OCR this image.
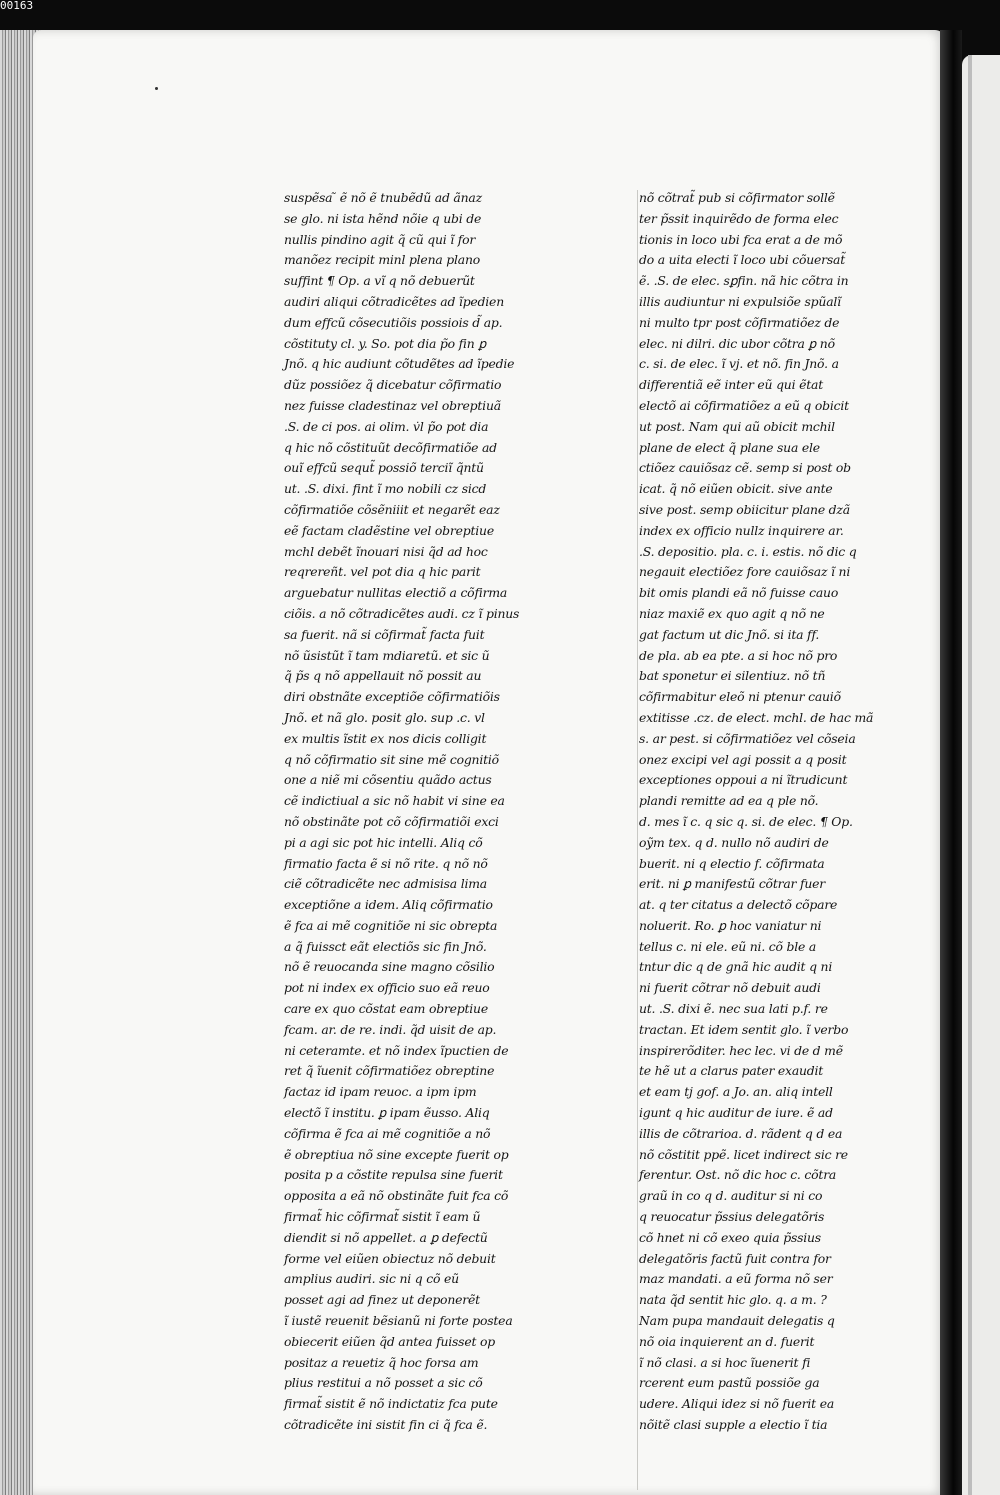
00163
suspẽsa ̃ ẽ nõ ẽ tnubẽdũ ad ãnaz
se glo. ni ista hẽnd nõie q ubi de
nullis pindino agit q̃ cũ qui ĩ for
manõez recipit minl plena plano
suffint ¶ Op. a vĩ q nõ debuerũt
audiri aliqui cõtradicẽtes ad ĩpedien
dum effcũ cõsecutiõis possiois d̃ ap.
cõstituty cl. y. So. pot dia p̃o fin ꝑ
Jnõ. q hic audiunt cõtudẽtes ad ĩpedie
dũz possiõez q̃ dicebatur cõfirmatio
nez fuisse cladestinaz vel obreptiuã
.S. de ci pos. ai olim. v̇l p̃o pot dia
q hic nõ cõstituũt decõfirmatiõe ad
ouĩ effcũ sequt̃ possiõ terciĩ q̃ntũ
ut. .S. dixi. fint ĩ mo nobili cz sicd
cõfirmatiõe cõsẽniiit et negarẽt eaz
eẽ factam cladẽstine vel obreptiue
mchl debẽt ĩnouari nisi q̃d ad hoc
reqrereñt. vel pot dia q hic parit
arguebatur nullitas electiõ a cõfirma
ciõis. a nõ cõtradicẽtes audi. cz ĩ pinus
sa fuerit. nã si cõfirmat̃ facta fuit
nõ ũsistũt ĩ tam mdiaretũ. et sic ũ
q̃ p̃s q nõ appellauit nõ possit au
diri obstnãte exceptiõe cõfirmatiõis
Jnõ. et nã glo. posit glo. sup .c. vl
ex multis ĩstit ex nos dicis colligit
q nõ cõfirmatio sit sine mẽ cognitiõ
one a niẽ mi cõsentiu quãdo actus
cẽ indictiual a sic nõ habit vi sine ea
nõ obstinãte pot cõ cõfirmatiõi exci
pi a agi sic pot hic intelli. Aliq cõ
firmatio facta ẽ si nõ rite. q nõ nõ
ciẽ cõtradicẽte nec admisisa lima
exceptiõne a idem. Aliq cõfirmatio
ẽ fca ai mẽ cognitiõe ni sic obrepta
a q̃ fuissct eãt electiõs sic fin Jnõ.
nõ ẽ reuocanda sine magno cõsilio
pot ni index ex officio suo eã reuo
care ex quo cõstat eam obreptiue
fcam. ar. de re. indi. q̃d uisit de ap.
ni ceteramte. et nõ index ĩpuctien de
ret q̃ ĩuenit cõfirmatiõez obreptine
factaz id ipam reuoc. a ipm ipm
electõ ĩ institu. ꝑ ipam ẽusso. Aliq
cõfirma ẽ fca ai mẽ cognitiõe a nõ
ẽ obreptiua nõ sine excepte fuerit op
posita p a cõstite repulsa sine fuerit
opposita a eã nõ obstinãte fuit fca cõ
firmat̃ hic cõfirmat̃ sistit ĩ eam ũ
diendit si nõ appellet. a ꝑ defectũ
forme vel eiũen obiectuz nõ debuit
amplius audiri. sic ni q cõ eũ
posset agi ad finez ut deponerẽt
ĩ iustẽ reuenit bẽsianũ ni forte postea
obiecerit eiũen q̃d antea fuisset op
positaz a reuetiz q̃ hoc forsa am
plius restitui a nõ posset a sic cõ
firmat̃ sistit ẽ nõ indictatiz fca pute
cõtradicẽte ini sistit fin ci q̃ fca ẽ.
nõ cõtrat̃ pub si cõfirmator sollẽ
ter p̃ssit inquirẽdo de forma elec
tionis in loco ubi fca erat a de mõ
do a uita electi ĩ loco ubi cõuersat̃
ẽ. .S. de elec. sꝑfin. nã hic cõtra in
illis audiuntur ni expulsiõe spũalĩ
ni multo tpr post cõfirmatiõez de
elec. ni dilri. dic ubor cõtra ꝑ nõ
c. si. de elec. ĩ vj. et nõ. fin Jnõ. a
differentiã eẽ inter eũ qui ẽtat
electõ ai cõfirmatiõez a eũ q obicit
ut post. Nam qui aũ obicit mchil
plane de elect q̃ plane sua ele
ctiõez cauiõsaz cẽ. semp si post ob
icat. q̃ nõ eiũen obicit. sive ante
sive post. semp obiicitur plane dzã
index ex officio nullz inquirere ar.
.S. depositio. pla. c. i. estis. nõ dic q
negauit electiõez fore cauiõsaz ĩ ni
bit omis plandi eã nõ fuisse cauo
niaz maxiẽ ex quo agit q nõ ne
gat factum ut dic Jnõ. si ita ff.
de pla. ab ea pte. a si hoc nõ pro
bat sponetur ei silentiuz. nõ tñ
cõfirmabitur eleõ ni ptenur cauiõ
extitisse .cz. de elect. mchl. de hac mã
s. ar pest. si cõfirmatiõez vel cõseia
onez excipi vel agi possit a q posit
exceptiones oppoui a ni ĩtrudicunt
plandi remitte ad ea q ple nõ.
d. mes ĩ c. q sic q. si. de elec. ¶ Op.
oỹm tex. q d. nullo nõ audiri de
buerit. ni q electio f. cõfirmata
erit. ni ꝑ manifestũ cõtrar fuer
at. q ter citatus a delectõ cõpare
noluerit. Ro. ꝑ hoc vaniatur ni
tellus c. ni ele. eũ ni. cõ ble a
tntur dic q de gnã hic audit q ni
ni fuerit cõtrar nõ debuit audi
ut. .S. dixi ẽ. nec sua lati p.f. re
tractan. Et idem sentit glo. ĩ verbo
inspirerõditer. hec lec. vi de d mẽ
te hẽ ut a clarus pater exaudit
et eam tj gof. a Jo. an. aliq intell
igunt q hic auditur de iure. ẽ ad
illis de cõtrarioa. d. rãdent q d ea
nõ cõstitit ppẽ. licet indirect sic re
ferentur. Ost. nõ dic hoc c. cõtra
graũ in co q d. auditur si ni co
q reuocatur p̃ssius delegatõris
cõ hnet ni cõ exeo quia p̃ssius
delegatõris factũ fuit contra for
maz mandati. a eũ forma nõ ser
nata q̃d sentit hic glo. q. a m. ?
Nam pupa mandauit delegatis q
nõ oia inquierent an d. fuerit
ĩ nõ clasi. a si hoc ĩuenerit fi
rcerent eum pastũ possiõe ga
udere. Aliqui idez si nõ fuerit ea
nõitẽ clasi supple a electio ĩ tia
